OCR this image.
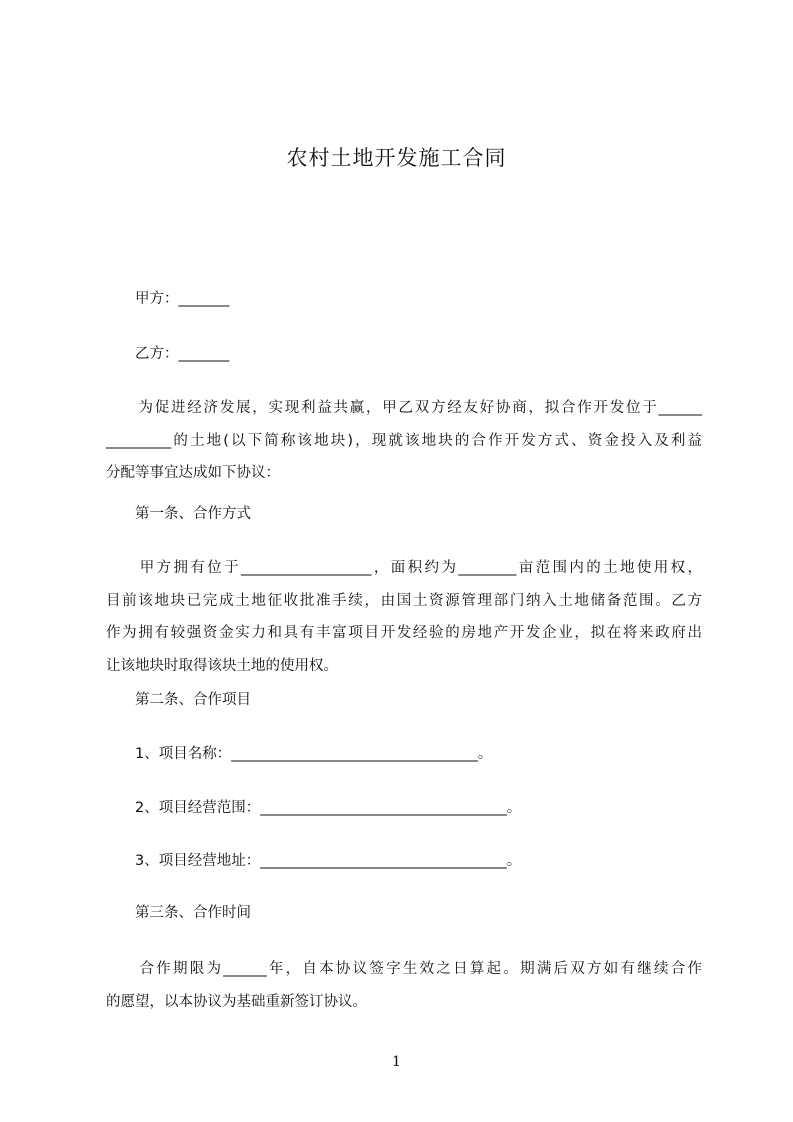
农村土地开发施工合同
甲方：_______
乙方：_______
　　为促进经济发展，实现利益共赢，甲乙双方经友好协商，拟合作开发位于______
_________的土地(以下简称该地块)，现就该地块的合作开发方式、资金投入及利益
分配等事宜达成如下协议：
第一条、合作方式
　　甲方拥有位于__________________，面积约为________亩范围内的土地使用权，
目前该地块已完成土地征收批准手续，由国土资源管理部门纳入土地储备范围。乙方
作为拥有较强资金实力和具有丰富项目开发经验的房地产开发企业，拟在将来政府出
让该地块时取得该块土地的使用权。
第二条、合作项目
1、项目名称：__________________________________。
2、项目经营范围：__________________________________。
3、项目经营地址：__________________________________。
第三条、合作时间
　　合作期限为______年，自本协议签字生效之日算起。期满后双方如有继续合作
的愿望，以本协议为基础重新签订协议。
1
